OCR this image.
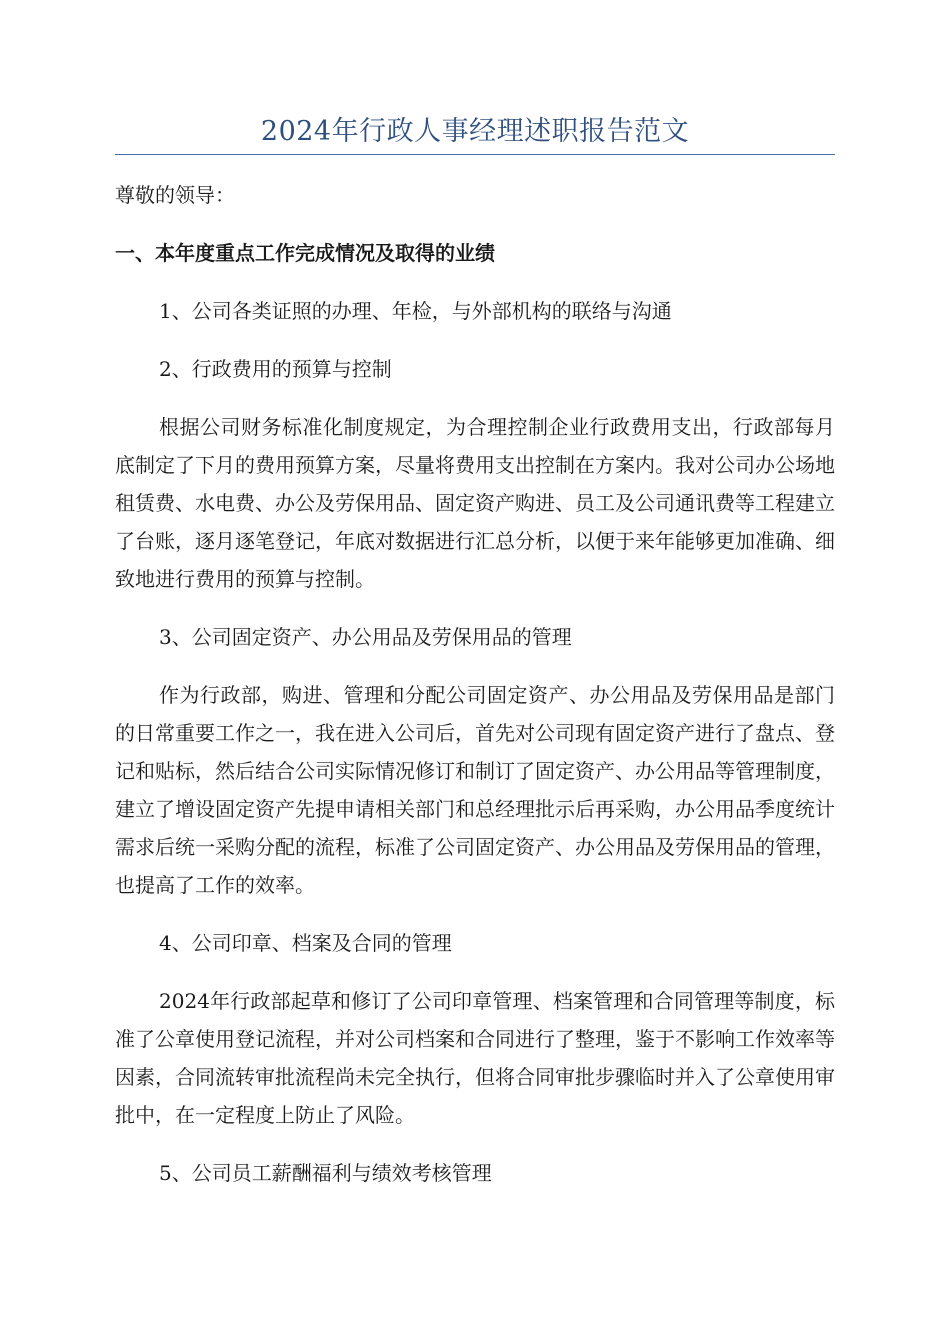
2024年行政人事经理述职报告范文

尊敬的领导：

一、本年度重点工作完成情况及取得的业绩

1、公司各类证照的办理、年检，与外部机构的联络与沟通

2、行政费用的预算与控制

根据公司财务标准化制度规定，为合理控制企业行政费用支出，行政部每月底制定了下月的费用预算方案，尽量将费用支出控制在方案内。我对公司办公场地租赁费、水电费、办公及劳保用品、固定资产购进、员工及公司通讯费等工程建立了台账，逐月逐笔登记，年底对数据进行汇总分析，以便于来年能够更加准确、细致地进行费用的预算与控制。

3、公司固定资产、办公用品及劳保用品的管理

作为行政部，购进、管理和分配公司固定资产、办公用品及劳保用品是部门的日常重要工作之一，我在进入公司后，首先对公司现有固定资产进行了盘点、登记和贴标，然后结合公司实际情况修订和制订了固定资产、办公用品等管理制度，建立了增设固定资产先提申请相关部门和总经理批示后再采购，办公用品季度统计需求后统一采购分配的流程，标准了公司固定资产、办公用品及劳保用品的管理，也提高了工作的效率。

4、公司印章、档案及合同的管理

2024年行政部起草和修订了公司印章管理、档案管理和合同管理等制度，标准了公章使用登记流程，并对公司档案和合同进行了整理，鉴于不影响工作效率等因素，合同流转审批流程尚未完全执行，但将合同审批步骤临时并入了公章使用审批中，在一定程度上防止了风险。

5、公司员工薪酬福利与绩效考核管理
